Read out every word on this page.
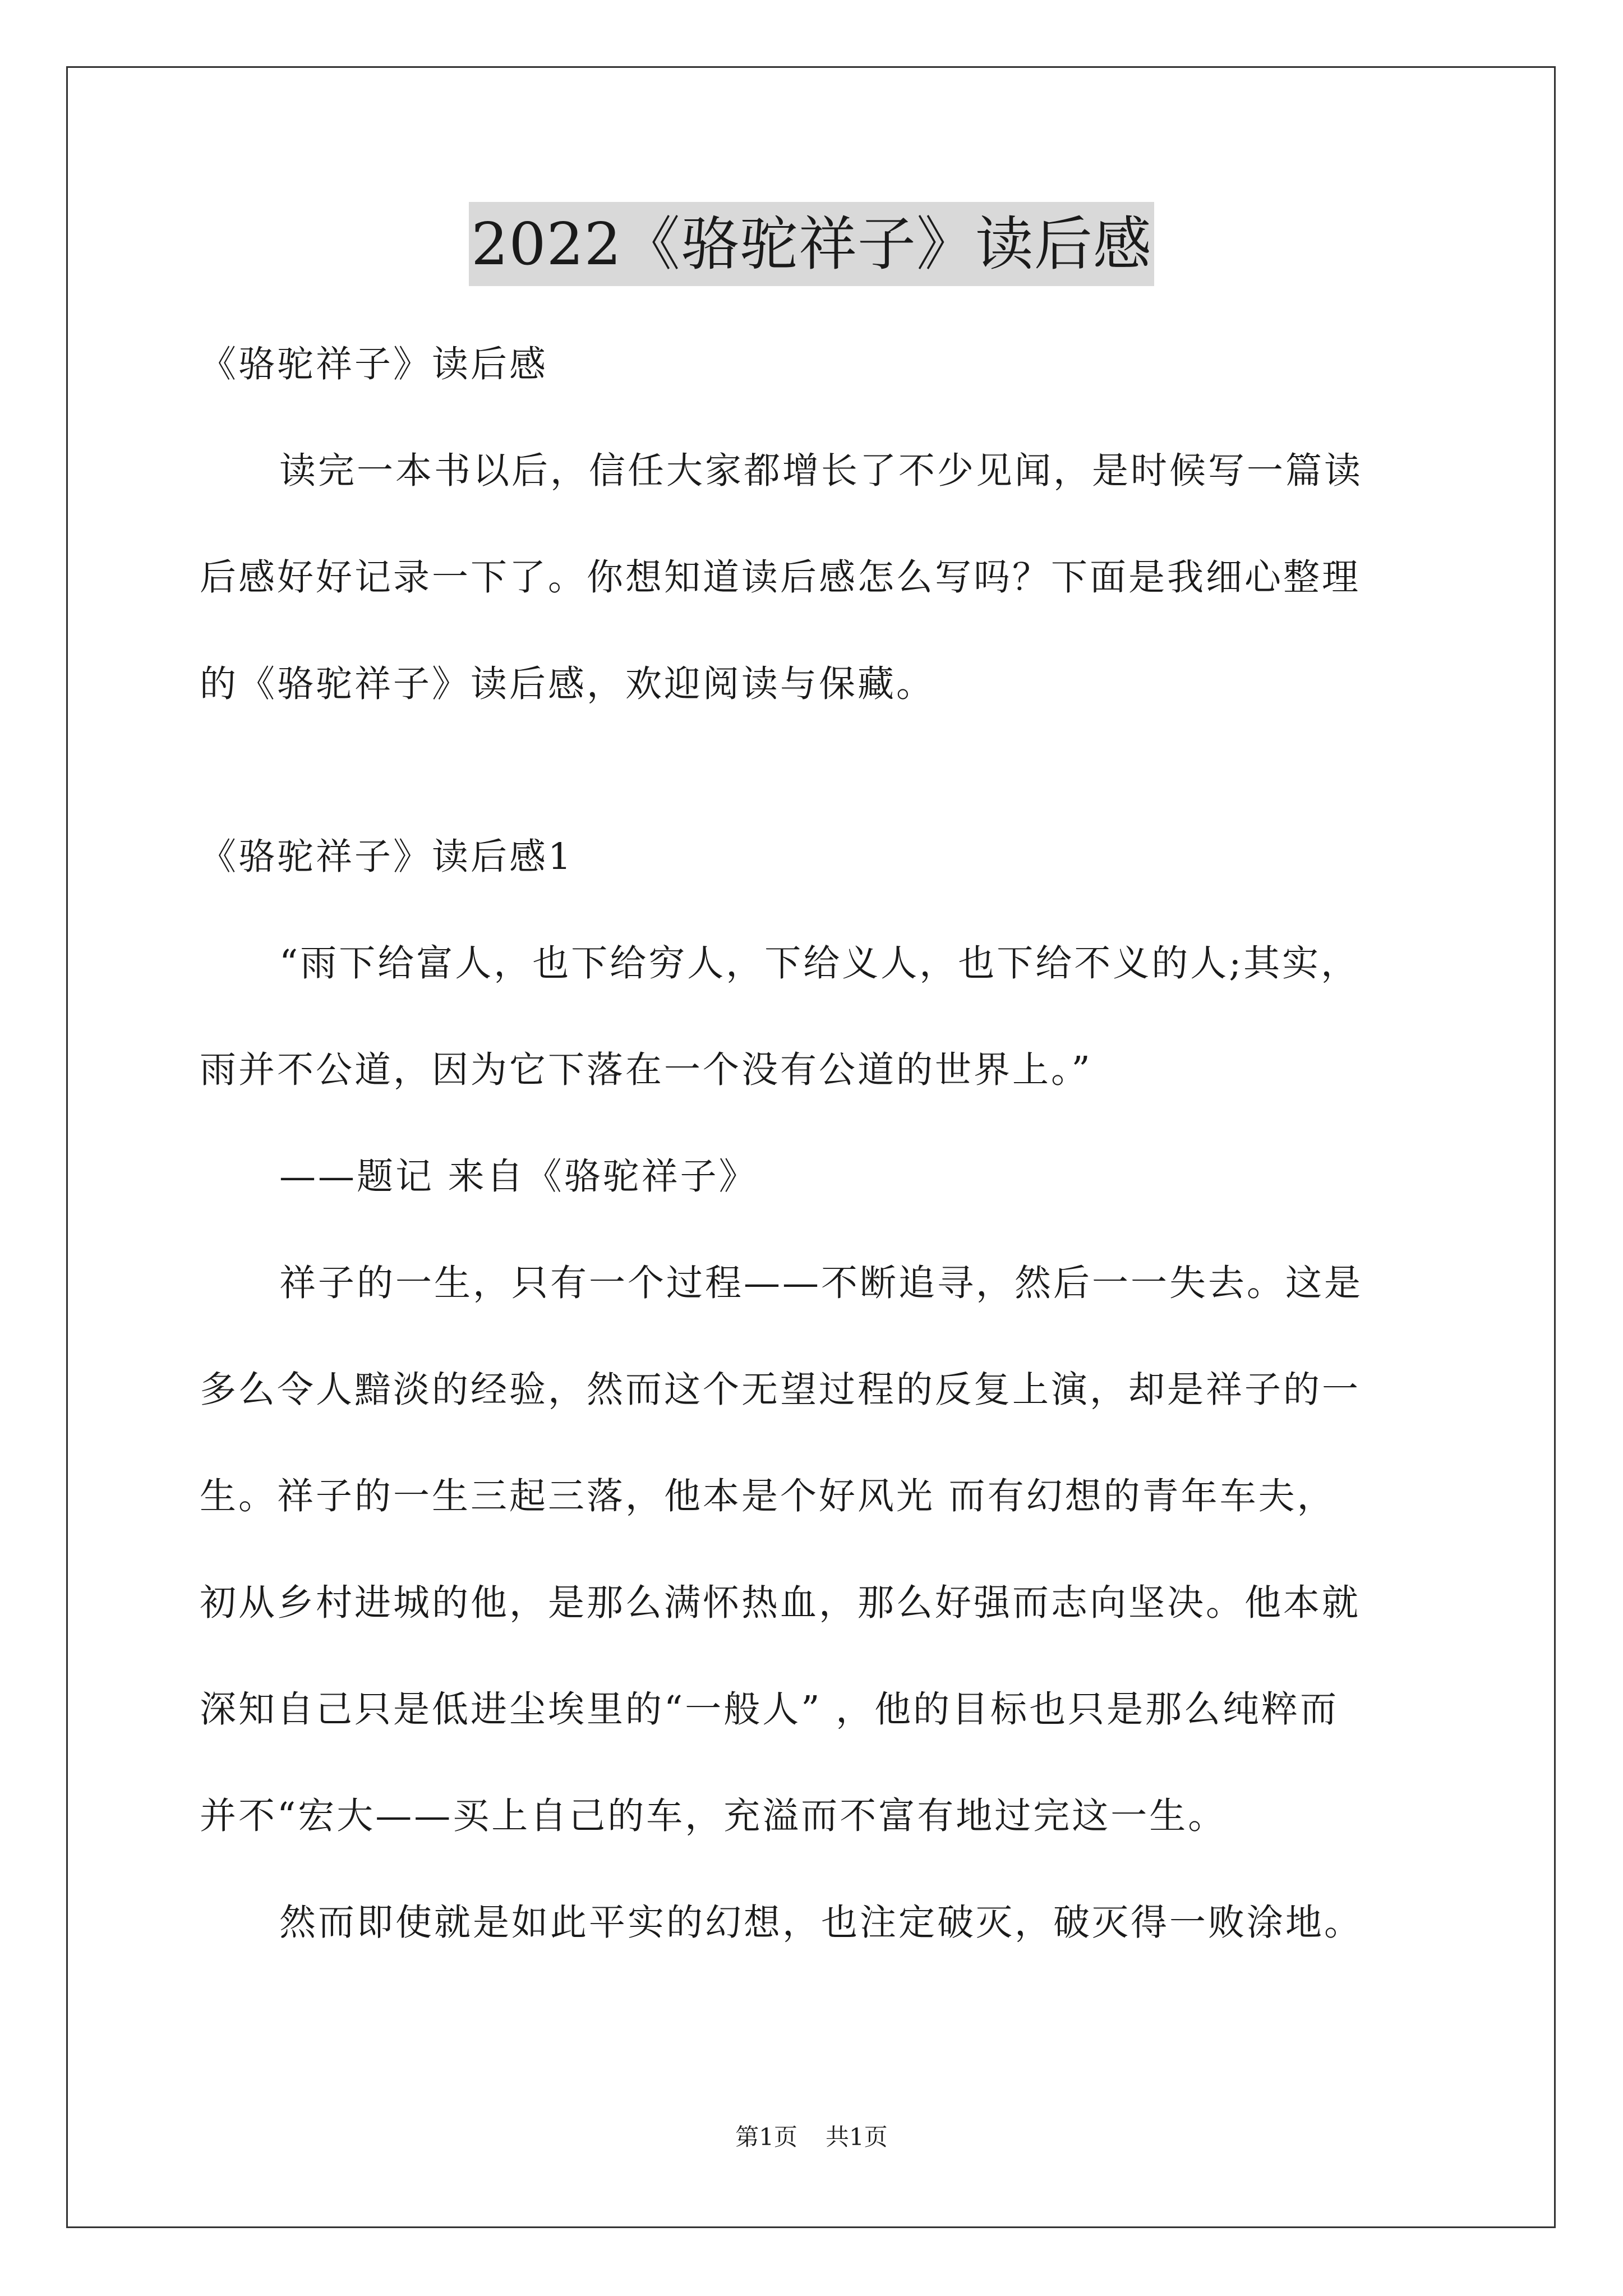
2022《骆驼祥子》读后感
《骆驼祥子》读后感
读完一本书以后，信任大家都增长了不少见闻，是时候写一篇读
后感好好记录一下了。你想知道读后感怎么写吗？下面是我细心整理
的《骆驼祥子》读后感，欢迎阅读与保藏。
《骆驼祥子》读后感1
“雨下给富人，也下给穷人，下给义人，也下给不义的人;其实，
雨并不公道，因为它下落在一个没有公道的世界上。”
——题记 来自《骆驼祥子》
祥子的一生，只有一个过程——不断追寻，然后一一失去。这是
多么令人黯淡的经验，然而这个无望过程的反复上演，却是祥子的一
生。祥子的一生三起三落，他本是个好风光 而有幻想的青年车夫，
初从乡村进城的他，是那么满怀热血，那么好强而志向坚决。他本就
深知自己只是低进尘埃里的“一般人” ，他的目标也只是那么纯粹而
并不“宏大——买上自己的车，充溢而不富有地过完这一生。
然而即使就是如此平实的幻想，也注定破灭，破灭得一败涂地。
第1页 共1页
